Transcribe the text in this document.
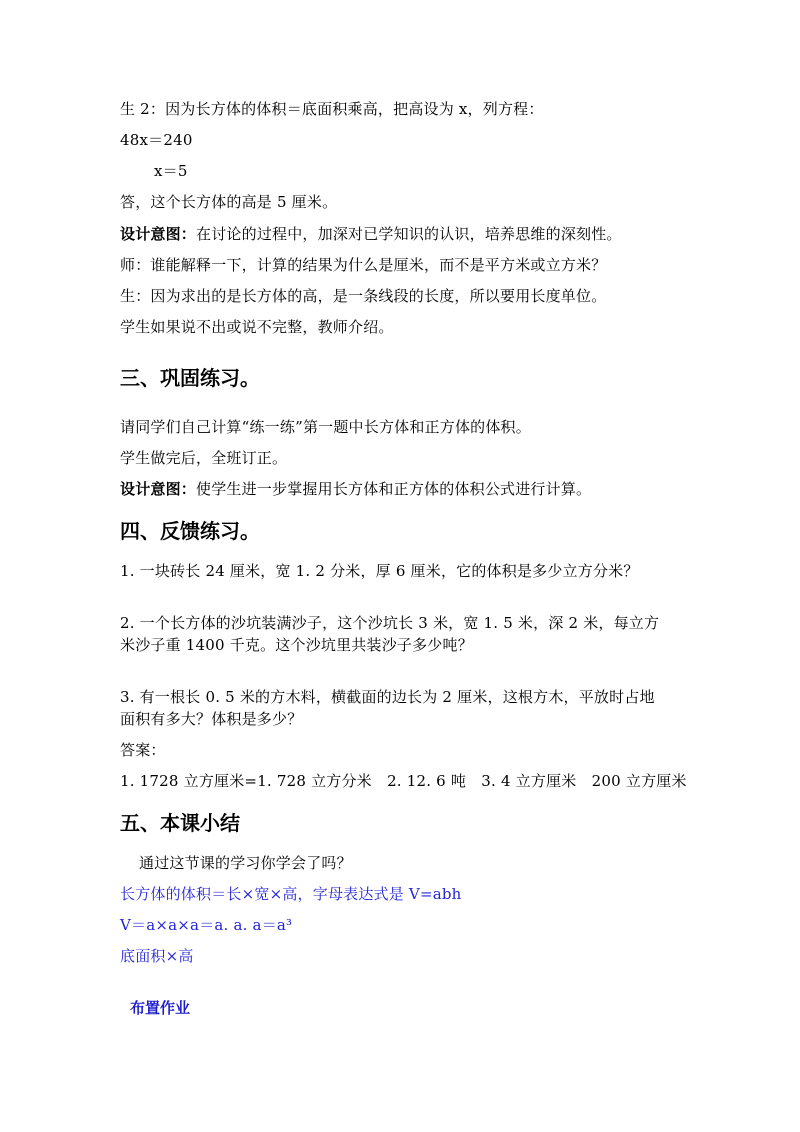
生 2：因为长方体的体积＝底面积乘高，把高设为 x，列方程：
48x＝240
x＝5
答，这个长方体的高是 5 厘米。
设计意图：在讨论的过程中，加深对已学知识的认识，培养思维的深刻性。
师：谁能解释一下，计算的结果为什么是厘米，而不是平方米或立方米？
生：因为求出的是长方体的高，是一条线段的长度，所以要用长度单位。
学生如果说不出或说不完整，教师介绍。
三、巩固练习。
请同学们自己计算“练一练”第一题中长方体和正方体的体积。
学生做完后，全班订正。
设计意图：使学生进一步掌握用长方体和正方体的体积公式进行计算。
四、反馈练习。
1. 一块砖长 24 厘米，宽 1. 2 分米，厚 6 厘米，它的体积是多少立方分米？
2. 一个长方体的沙坑装满沙子，这个沙坑长 3 米，宽 1. 5 米，深 2 米，每立方
米沙子重 1400 千克。这个沙坑里共装沙子多少吨？
3. 有一根长 0. 5 米的方木料，横截面的边长为 2 厘米，这根方木，平放时占地
面积有多大？体积是多少？
答案：
1. 1728 立方厘米=1. 728 立方分米　2. 12. 6 吨　3. 4 立方厘米　200 立方厘米
五、本课小结
通过这节课的学习你学会了吗？
长方体的体积＝长×宽×高，字母表达式是 V=abh
V＝a×a×a＝a. a. a＝a³
底面积×高
布置作业
